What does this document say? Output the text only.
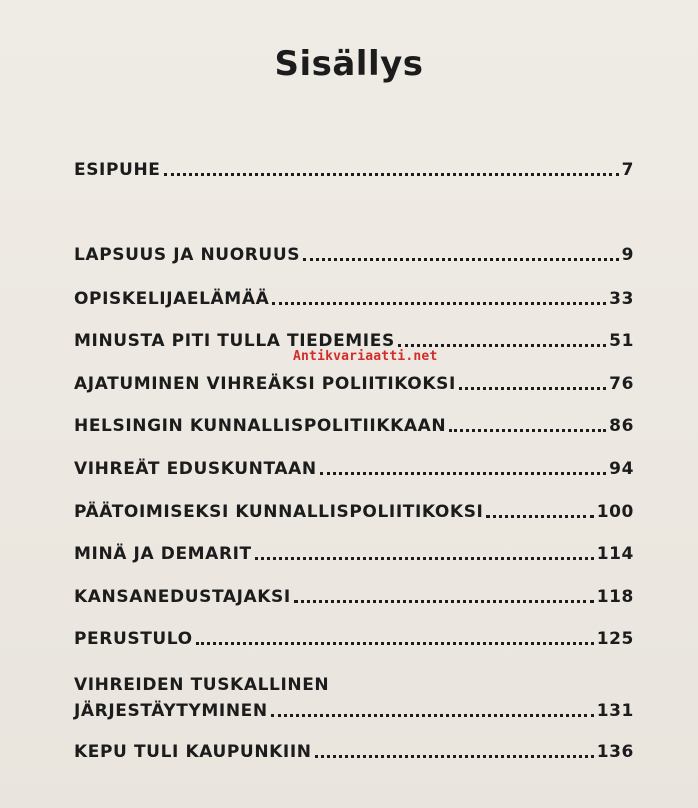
Sisällys
ESIPUHE	7
LAPSUUS JA NUORUUS	9
OPISKELIJAELÄMÄÄ	33
MINUSTA PITI TULLA TIEDEMIES	51
AJATUMINEN VIHREÄKSI POLIITIKOKSI	76
HELSINGIN KUNNALLISPOLITIIKKAAN	86
VIHREÄT EDUSKUNTAAN	94
PÄÄTOIMISEKSI KUNNALLISPOLIITIKOKSI	100
MINÄ JA DEMARIT	114
KANSANEDUSTAJAKSI	118
PERUSTULO	125
VIHREIDEN TUSKALLINEN
JÄRJESTÄYTYMINEN	131
KEPU TULI KAUPUNKIIN	136
Antikvariaatti.net
